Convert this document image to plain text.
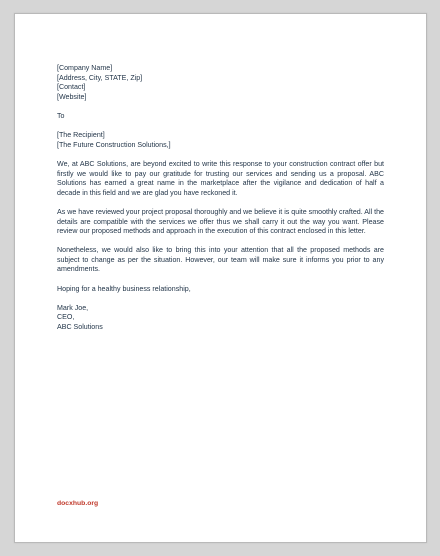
[Company Name]
[Address, City, STATE, Zip]
[Contact]
[Website]
To
[The Recipient]
[The Future Construction Solutions,]

We, at ABC Solutions, are beyond excited to write this response to your construction contract offer but firstly we would like to pay our gratitude for trusting our services and sending us a proposal. ABC Solutions has earned a great name in the marketplace after the vigilance and dedication of half a decade in this field and we are glad you have reckoned it.

As we have reviewed your project proposal thoroughly and we believe it is quite smoothly crafted. All the details are compatible with the services we offer thus we shall carry it out the way you want. Please review our proposed methods and approach in the execution of this contract enclosed in this letter.

Nonetheless, we would also like to bring this into your attention that all the proposed methods are subject to change as per the situation. However, our team will make sure it informs you prior to any amendments.

Hoping for a healthy business relationship,
Mark Joe,
CEO,
ABC Solutions
docxhub.org
